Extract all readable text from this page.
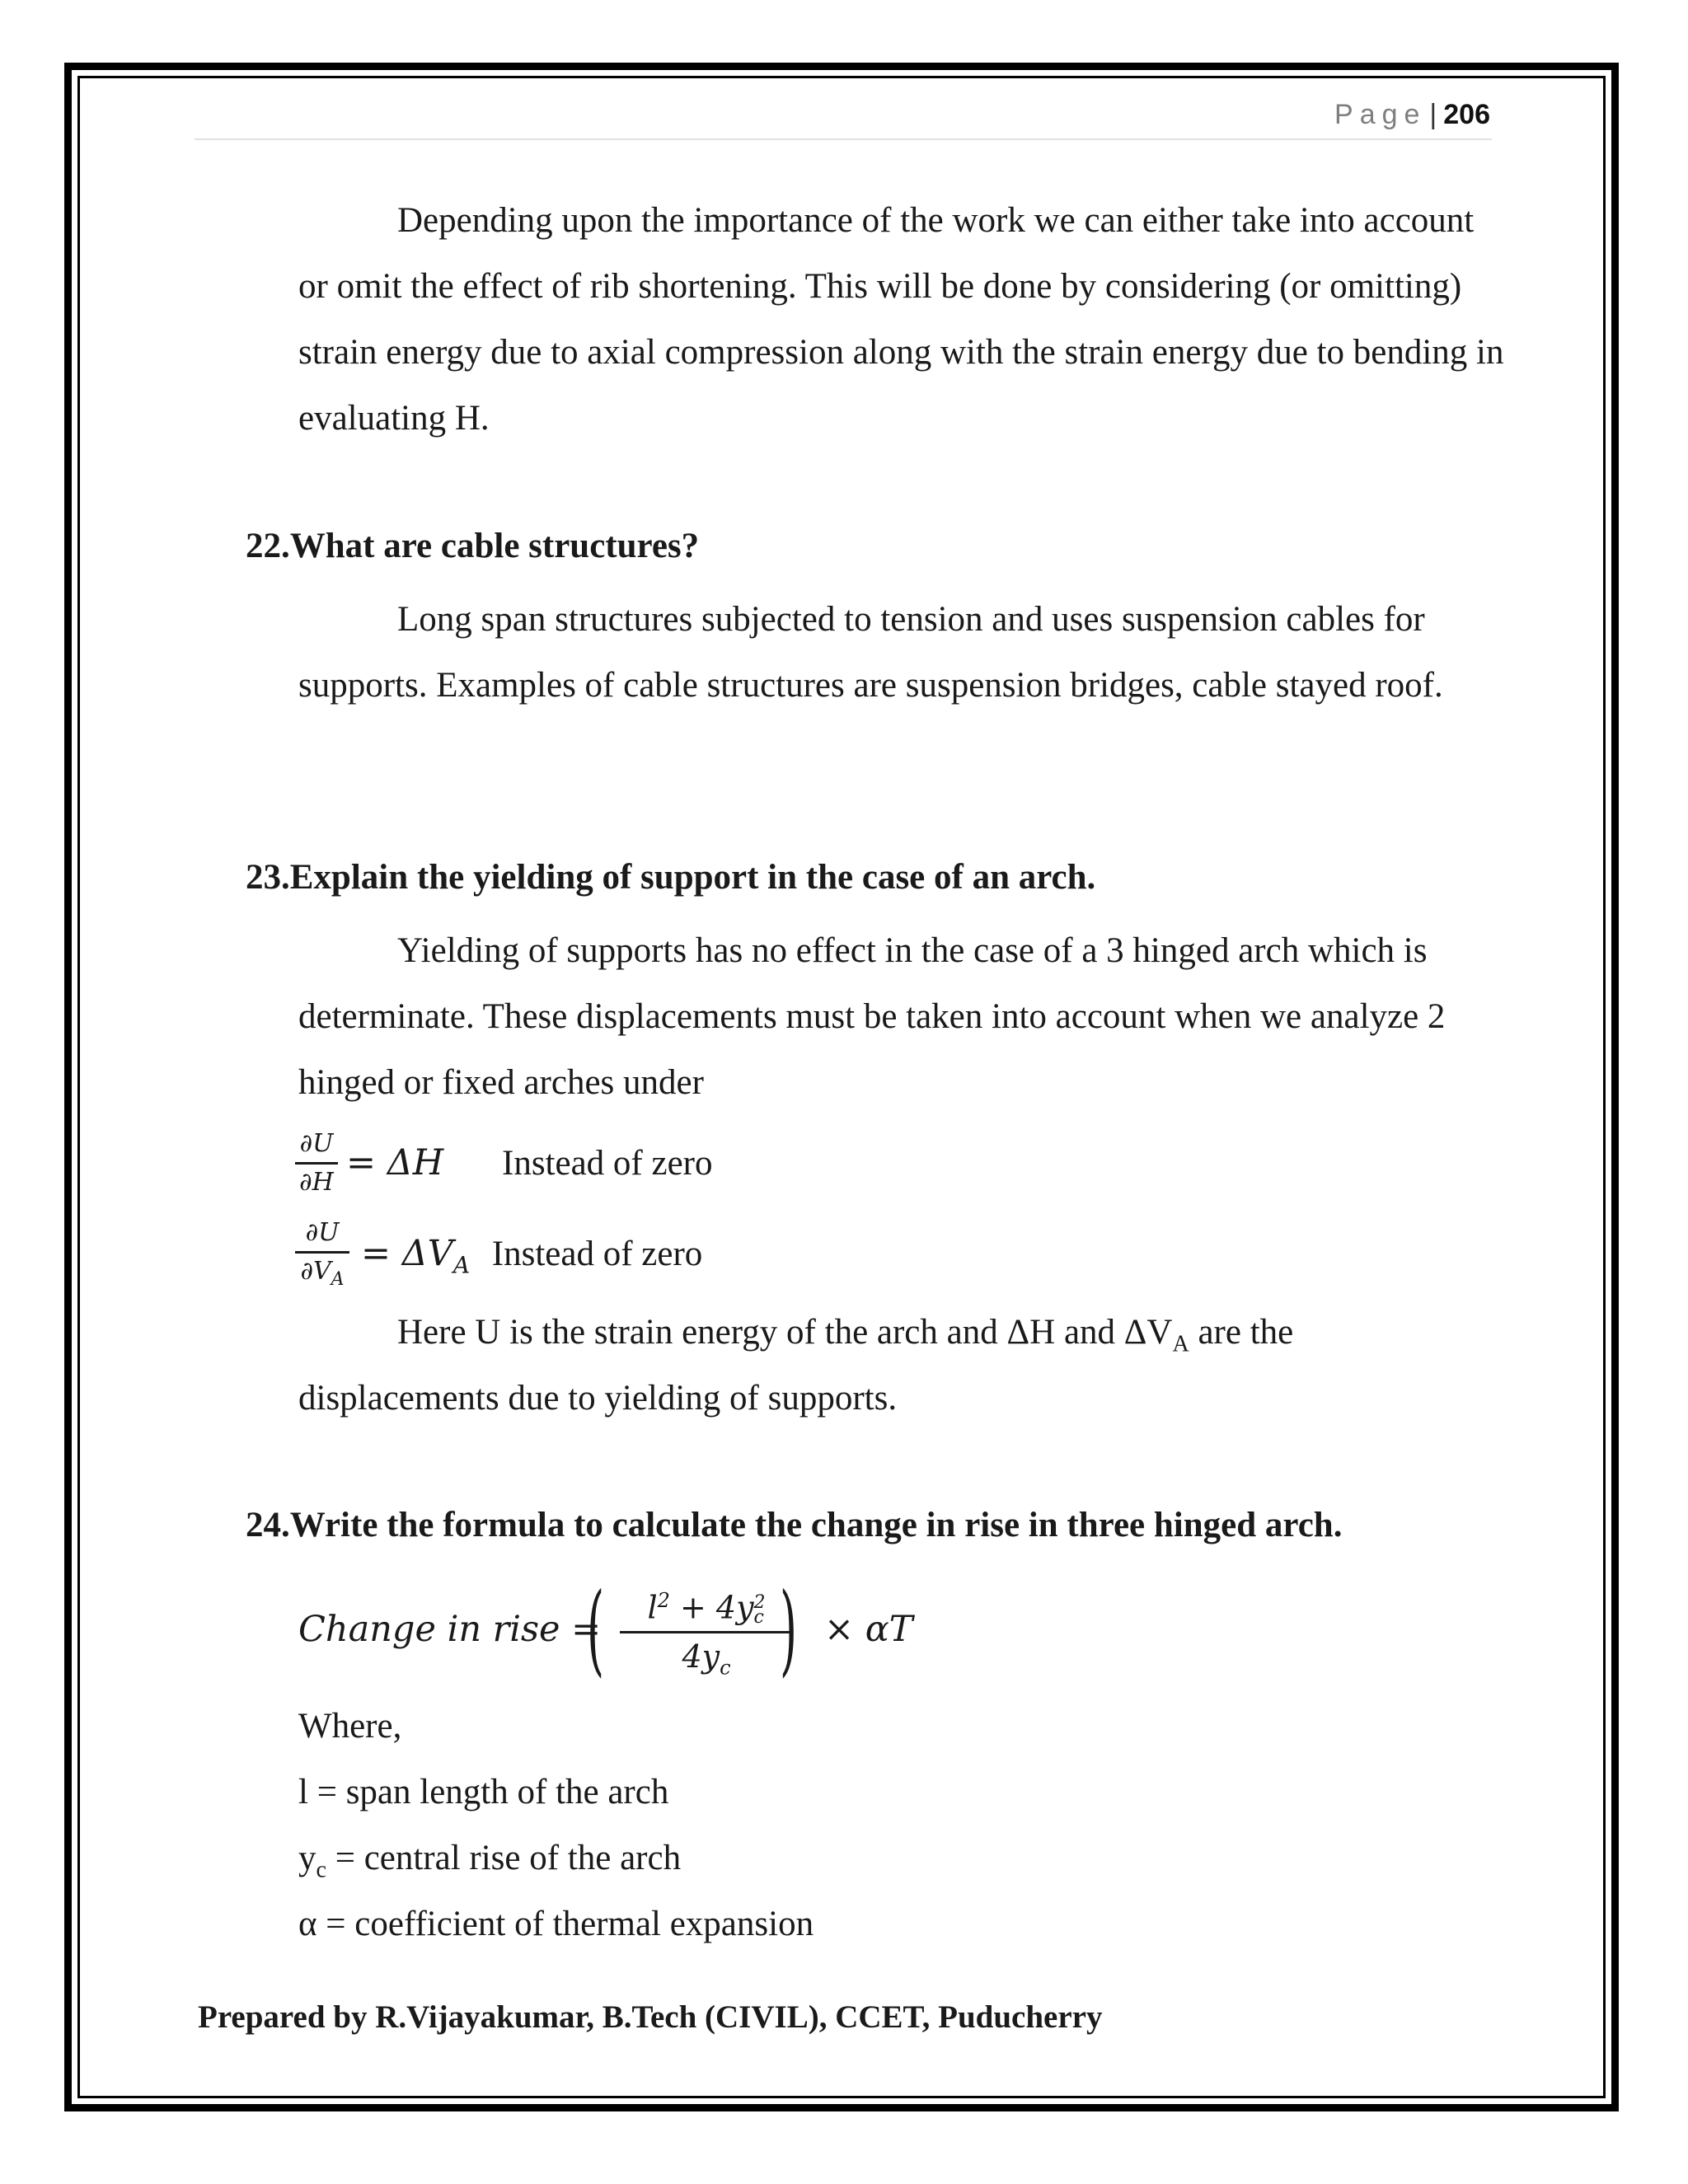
Page | 206

Depending upon the importance of the work we can either take into account or omit the effect of rib shortening. This will be done by considering (or omitting) strain energy due to axial compression along with the strain energy due to bending in evaluating H.

22.What are cable structures?

Long span structures subjected to tension and uses suspension cables for supports. Examples of cable structures are suspension bridges, cable stayed roof.

23.Explain the yielding of support in the case of an arch.

Yielding of supports has no effect in the case of a 3 hinged arch which is determinate. These displacements must be taken into account when we analyze 2 hinged or fixed arches under

∂U
∂H = ΔH Instead of zero
∂U
$\partial V_A$
= $\Delta V_A$ Instead of zero
Here U is the strain energy of the arch and ΔH and $\Delta V_A$ are the
displacements due to yielding of supports.

24.Write the formula to calculate the change in rise in three hinged arch.

Change in rise =
(	$l^2 + 4y$ 2
c
$4y_c$ ) × αT
Where,
l = span length of the arch
$y_c$ = central rise of the arch
α = coefficient of thermal expansion
Prepared by R.Vijayakumar, B.Tech (CIVIL), CCET, Puducherry
